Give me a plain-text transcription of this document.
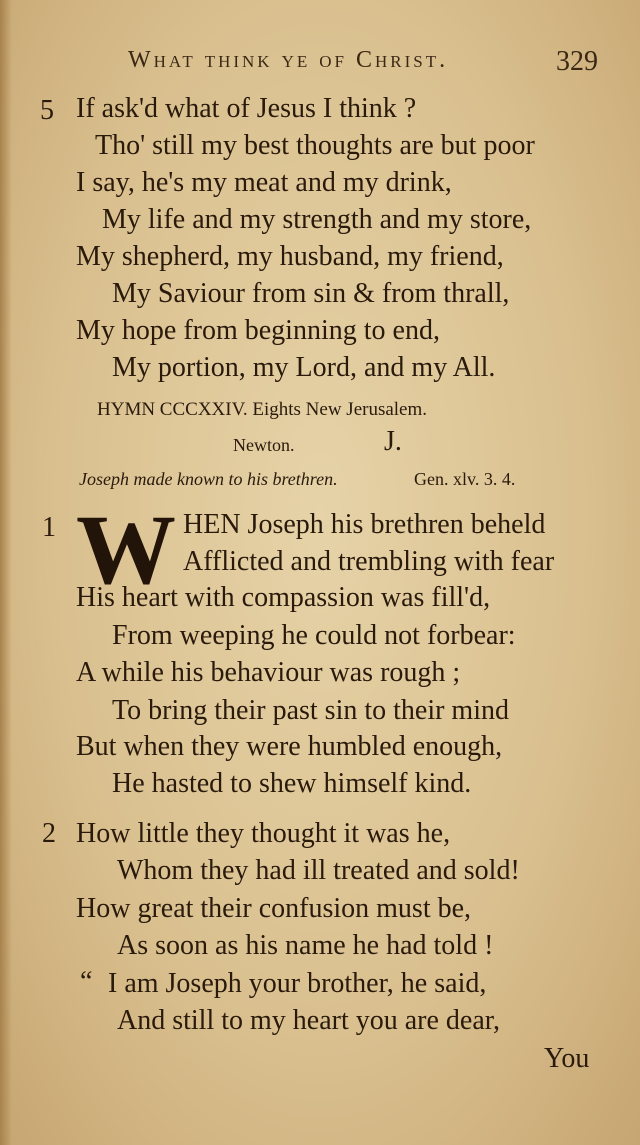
What think ye of Christ.	329
5 If ask'd what of Jesus I think ?
Tho' still my best thoughts are but poor
I say, he's my meat and my drink,
My life and my strength and my store,
My shepherd, my husband, my friend,
My Saviour from sin & from thrall,
My hope from beginning to end,
My portion, my Lord, and my All.
HYMN CCCXXIV. Eights New Jerusalem.
Newton.	J.
Joseph made known to his brethren.	Gen. xlv. 3. 4.
1 W HEN Joseph his brethren beheld
Afflicted and trembling with fear
His heart with compassion was fill'd,
From weeping he could not forbear:
A while his behaviour was rough ;
To bring their past sin to their mind
But when they were humbled enough,
He hasted to shew himself kind.
2 How little they thought it was he,
Whom they had ill treated and sold!
How great their confusion must be,
As soon as his name he had told !
“ I am Joseph your brother, he said,
And still to my heart you are dear,
You
